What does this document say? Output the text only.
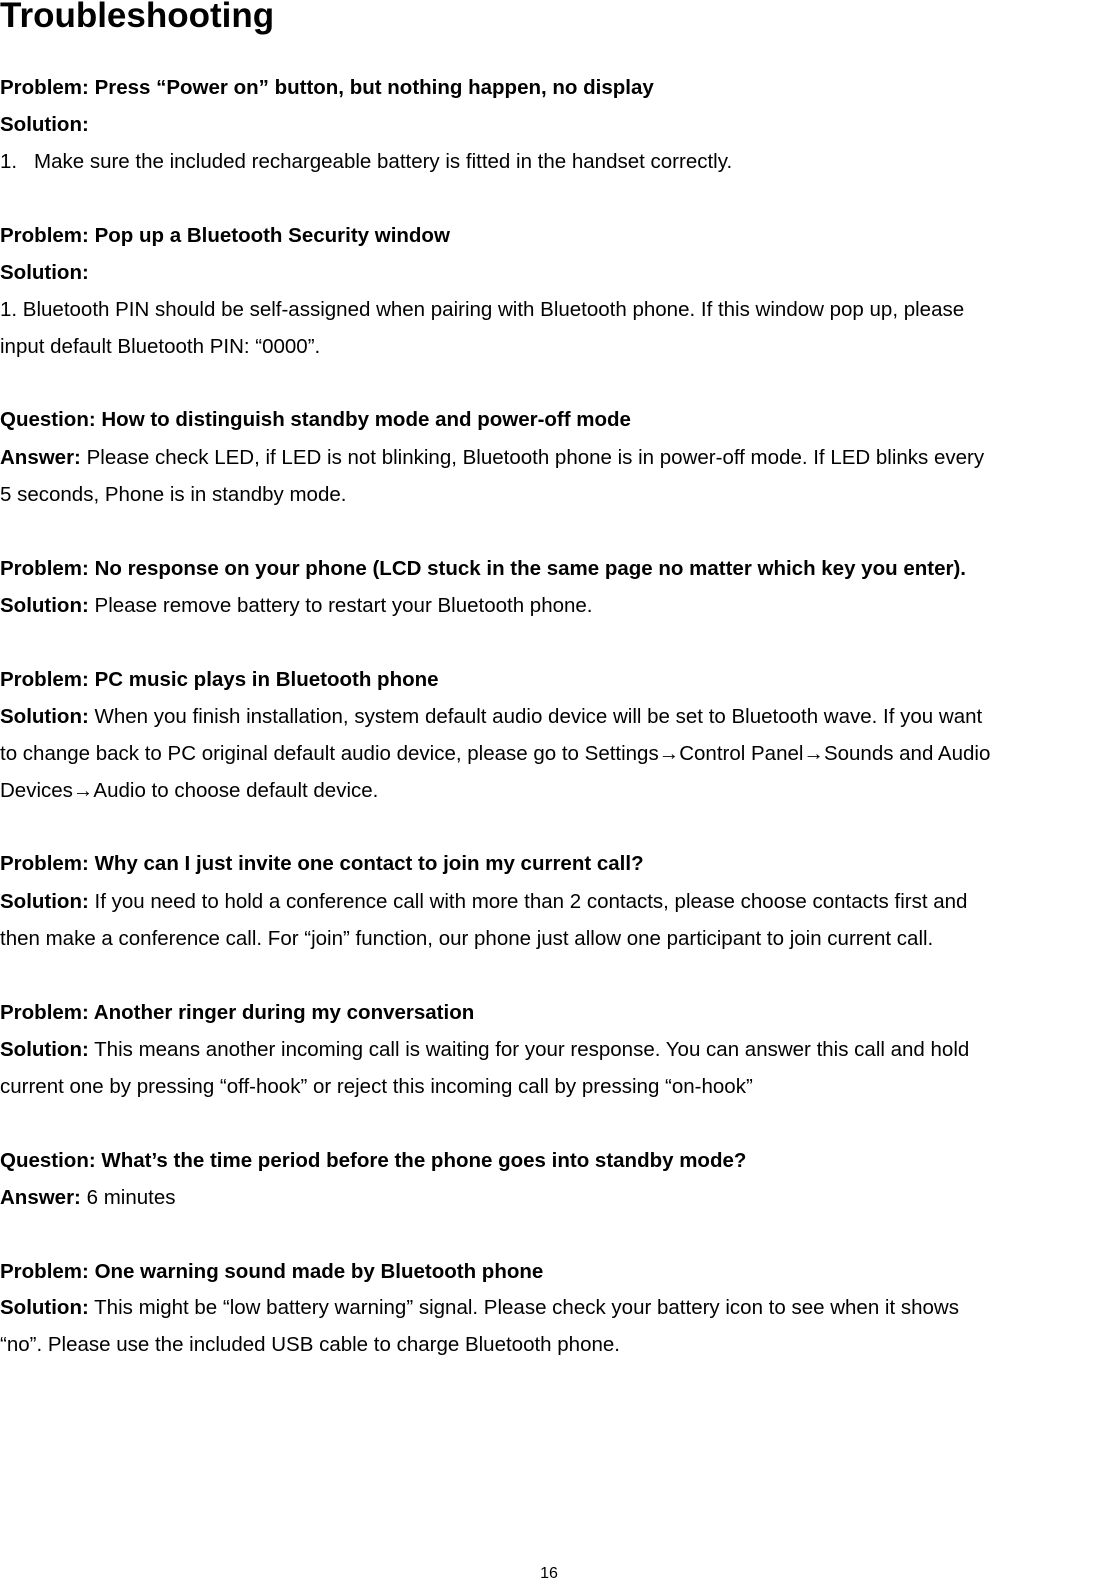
Troubleshooting
Problem: Press “Power on” button, but nothing happen, no display
Solution:
1. Make sure the included rechargeable battery is fitted in the handset correctly.
Problem: Pop up a Bluetooth Security window
Solution:
1. Bluetooth PIN should be self-assigned when pairing with Bluetooth phone. If this window pop up, please
input default Bluetooth PIN: “0000”.
Question: How to distinguish standby mode and power-off mode
Answer: Please check LED, if LED is not blinking, Bluetooth phone is in power-off mode. If LED blinks every
5 seconds, Phone is in standby mode.
Problem: No response on your phone (LCD stuck in the same page no matter which key you enter).
Solution: Please remove battery to restart your Bluetooth phone.
Problem: PC music plays in Bluetooth phone
Solution: When you finish installation, system default audio device will be set to Bluetooth wave. If you want
to change back to PC original default audio device, please go to Settings→Control Panel→Sounds and Audio
Devices→Audio to choose default device.
Problem: Why can I just invite one contact to join my current call?
Solution: If you need to hold a conference call with more than 2 contacts, please choose contacts first and
then make a conference call. For “join” function, our phone just allow one participant to join current call.
Problem: Another ringer during my conversation
Solution: This means another incoming call is waiting for your response. You can answer this call and hold
current one by pressing “off-hook” or reject this incoming call by pressing “on-hook”
Question: What’s the time period before the phone goes into standby mode?
Answer: 6 minutes
Problem: One warning sound made by Bluetooth phone
Solution: This might be “low battery warning” signal. Please check your battery icon to see when it shows
“no”. Please use the included USB cable to charge Bluetooth phone.
16
